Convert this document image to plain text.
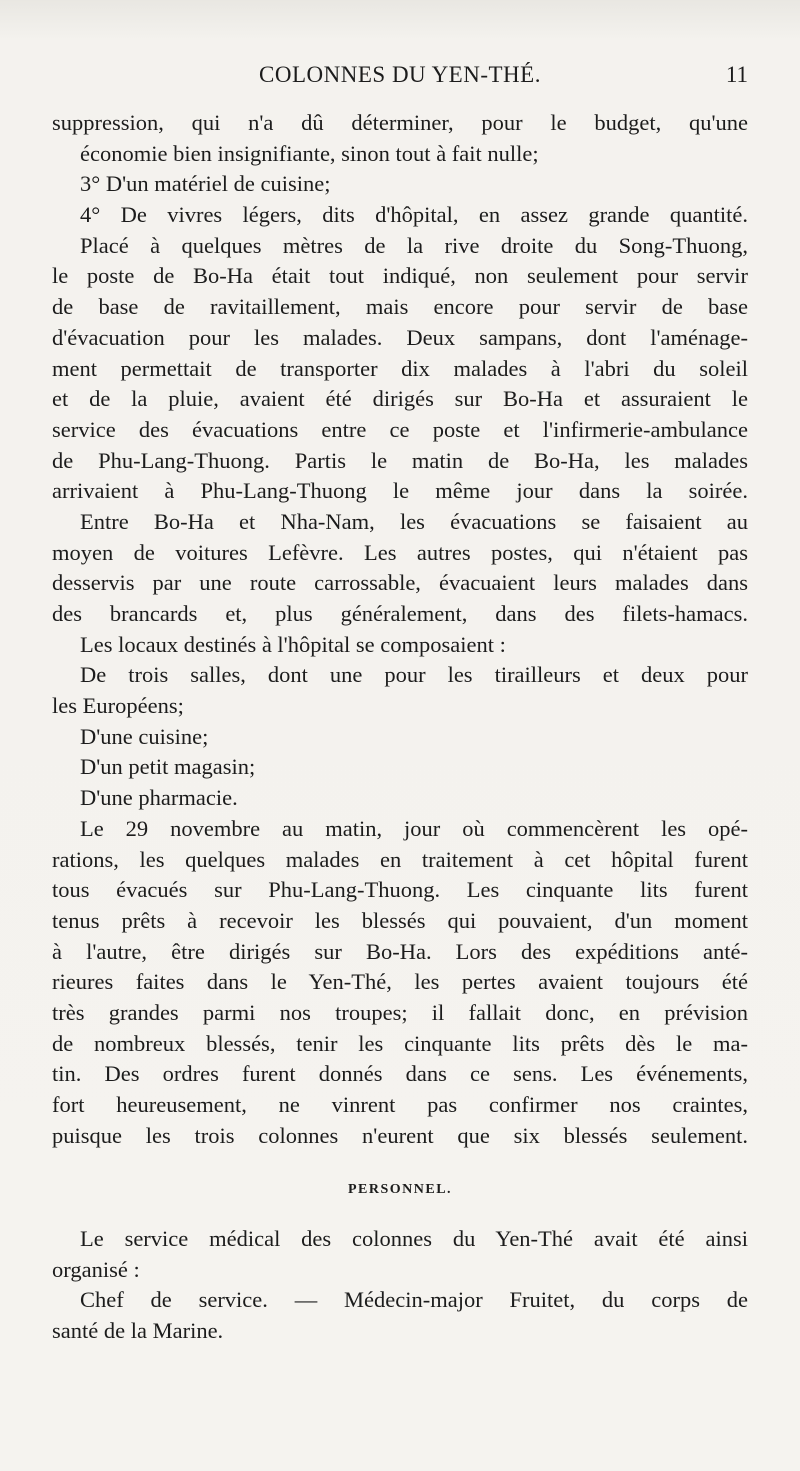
COLONNES DU YEN-THÉ.	11
suppression, qui n'a dû déterminer, pour le budget, qu'une
économie bien insignifiante, sinon tout à fait nulle;
3° D'un matériel de cuisine;
4° De vivres légers, dits d'hôpital, en assez grande quantité.
Placé à quelques mètres de la rive droite du Song-Thuong,
le poste de Bo-Ha était tout indiqué, non seulement pour servir
de base de ravitaillement, mais encore pour servir de base
d'évacuation pour les malades. Deux sampans, dont l'aménage-
ment permettait de transporter dix malades à l'abri du soleil
et de la pluie, avaient été dirigés sur Bo-Ha et assuraient le
service des évacuations entre ce poste et l'infirmerie-ambulance
de Phu-Lang-Thuong. Partis le matin de Bo-Ha, les malades
arrivaient à Phu-Lang-Thuong le même jour dans la soirée.
Entre Bo-Ha et Nha-Nam, les évacuations se faisaient au
moyen de voitures Lefèvre. Les autres postes, qui n'étaient pas
desservis par une route carrossable, évacuaient leurs malades dans
des brancards et, plus généralement, dans des filets-hamacs.
Les locaux destinés à l'hôpital se composaient :
De trois salles, dont une pour les tirailleurs et deux pour
les Européens;
D'une cuisine;
D'un petit magasin;
D'une pharmacie.
Le 29 novembre au matin, jour où commencèrent les opé-
rations, les quelques malades en traitement à cet hôpital furent
tous évacués sur Phu-Lang-Thuong. Les cinquante lits furent
tenus prêts à recevoir les blessés qui pouvaient, d'un moment
à l'autre, être dirigés sur Bo-Ha. Lors des expéditions anté-
rieures faites dans le Yen-Thé, les pertes avaient toujours été
très grandes parmi nos troupes; il fallait donc, en prévision
de nombreux blessés, tenir les cinquante lits prêts dès le ma-
tin. Des ordres furent donnés dans ce sens. Les événements,
fort heureusement, ne vinrent pas confirmer nos craintes,
puisque les trois colonnes n'eurent que six blessés seulement.
PERSONNEL.
Le service médical des colonnes du Yen-Thé avait été ainsi
organisé :
Chef de service. — Médecin-major Fruitet, du corps de
santé de la Marine.
